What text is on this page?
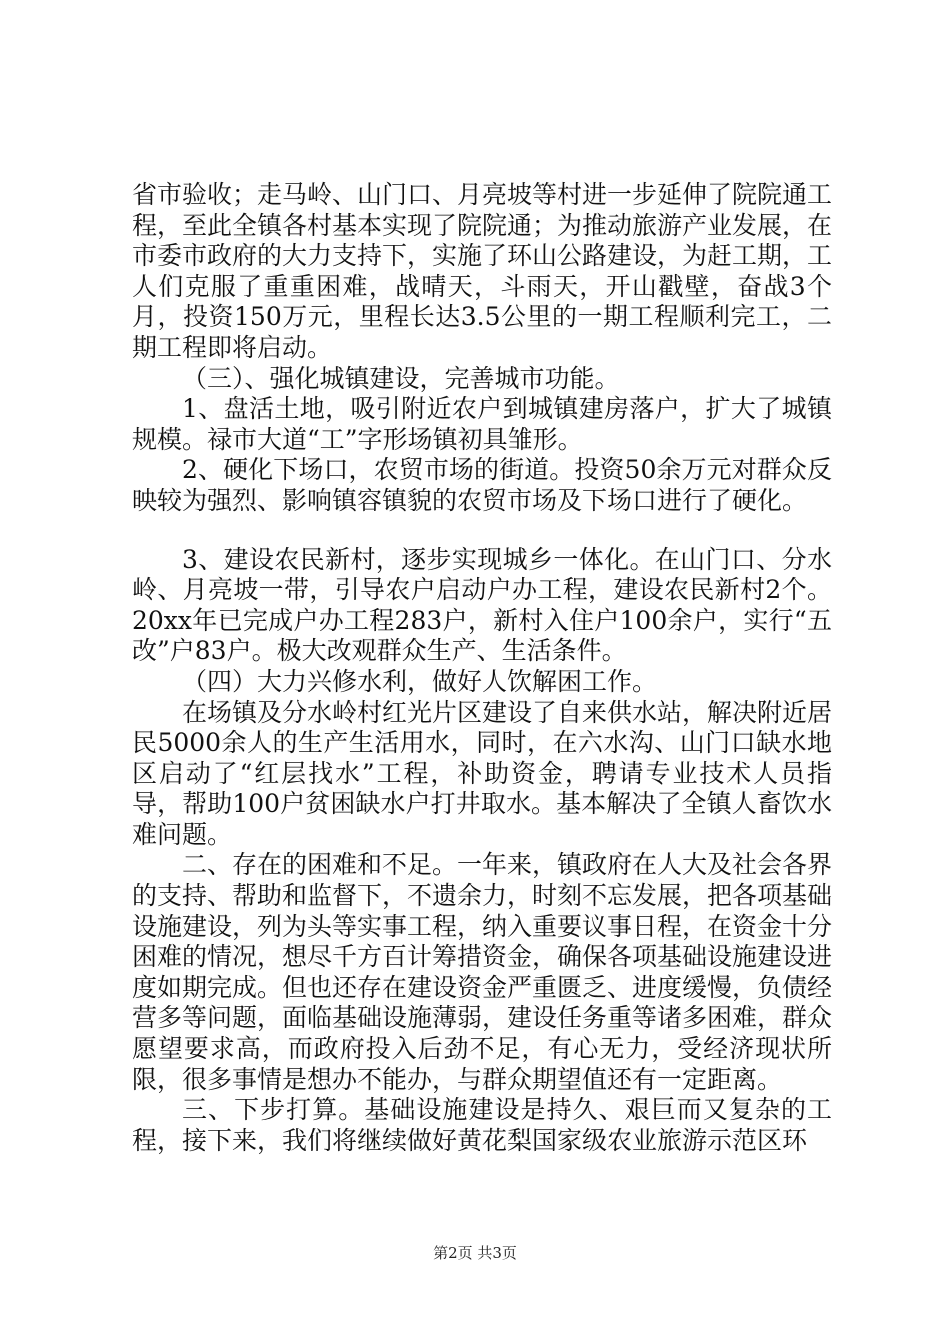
省市验收；走马岭、山门口、月亮坡等村进一步延伸了院院通工程，至此全镇各村基本实现了院院通；为推动旅游产业发展，在市委市政府的大力支持下，实施了环山公路建设，为赶工期，工人们克服了重重困难，战晴天，斗雨天，开山戳壁，奋战3个月，投资150万元，里程长达3.5公里的一期工程顺利完工，二期工程即将启动。

（三）、强化城镇建设，完善城市功能。

1、盘活土地，吸引附近农户到城镇建房落户，扩大了城镇规模。禄市大道“工”字形场镇初具雏形。

2、硬化下场口，农贸市场的街道。投资50余万元对群众反映较为强烈、影响镇容镇貌的农贸市场及下场口进行了硬化。

3、建设农民新村，逐步实现城乡一体化。在山门口、分水岭、月亮坡一带，引导农户启动户办工程，建设农民新村2个。20xx年已完成户办工程283户，新村入住户100余户，实行“五改”户83户。极大改观群众生产、生活条件。

（四）大力兴修水利，做好人饮解困工作。

在场镇及分水岭村红光片区建设了自来供水站，解决附近居民5000余人的生产生活用水，同时，在六水沟、山门口缺水地区启动了“红层找水”工程，补助资金，聘请专业技术人员指导，帮助100户贫困缺水户打井取水。基本解决了全镇人畜饮水难问题。

二、存在的困难和不足。一年来，镇政府在人大及社会各界的支持、帮助和监督下，不遗余力，时刻不忘发展，把各项基础设施建设，列为头等实事工程，纳入重要议事日程，在资金十分困难的情况，想尽千方百计筹措资金，确保各项基础设施建设进度如期完成。但也还存在建设资金严重匮乏、进度缓慢，负债经营多等问题，面临基础设施薄弱，建设任务重等诸多困难，群众愿望要求高，而政府投入后劲不足，有心无力，受经济现状所限，很多事情是想办不能办，与群众期望值还有一定距离。

三、下步打算。基础设施建设是持久、艰巨而又复杂的工程，接下来，我们将继续做好黄花梨国家级农业旅游示范区环

第2页 共3页
